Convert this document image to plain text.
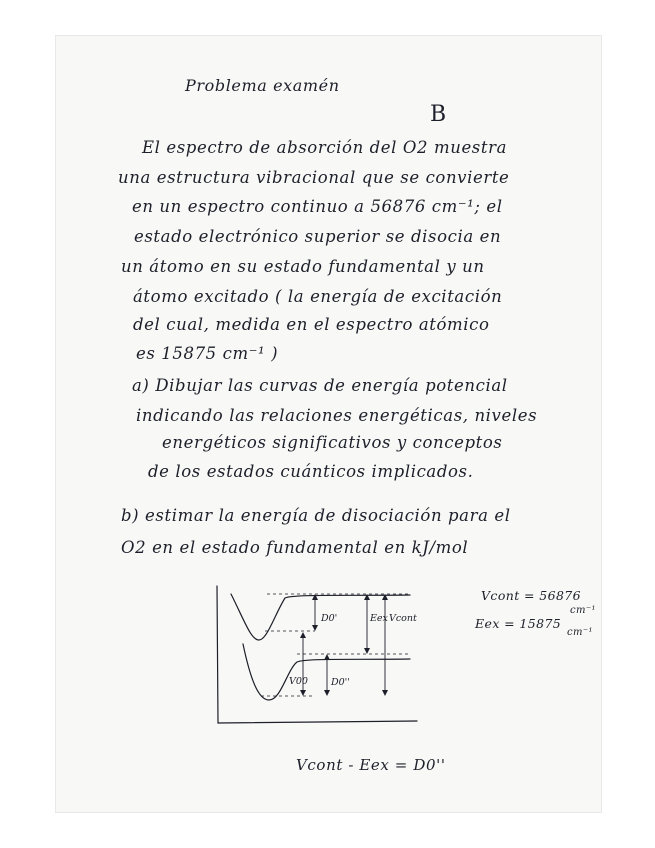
Problema examén
B
El espectro de absorción del O2 muestra
una estructura vibracional que se convierte
en un espectro continuo a 56876 cm⁻¹; el
estado electrónico superior se disocia en
un átomo en su estado fundamental y un
átomo excitado ( la energía de excitación
del cual, medida en el espectro atómico
es 15875 cm⁻¹ )
a) Dibujar las curvas de energía potencial
indicando las relaciones energéticas, niveles
energéticos significativos y conceptos
de los estados cuánticos implicados.
b) estimar la energía de disociación para el
O2 en el estado fundamental en kJ/mol
D0'	Eex Vcont
V00 D0''
Vcont = 56876
cm⁻¹
Eex = 15875
cm⁻¹
Vcont - Eex = D0''
